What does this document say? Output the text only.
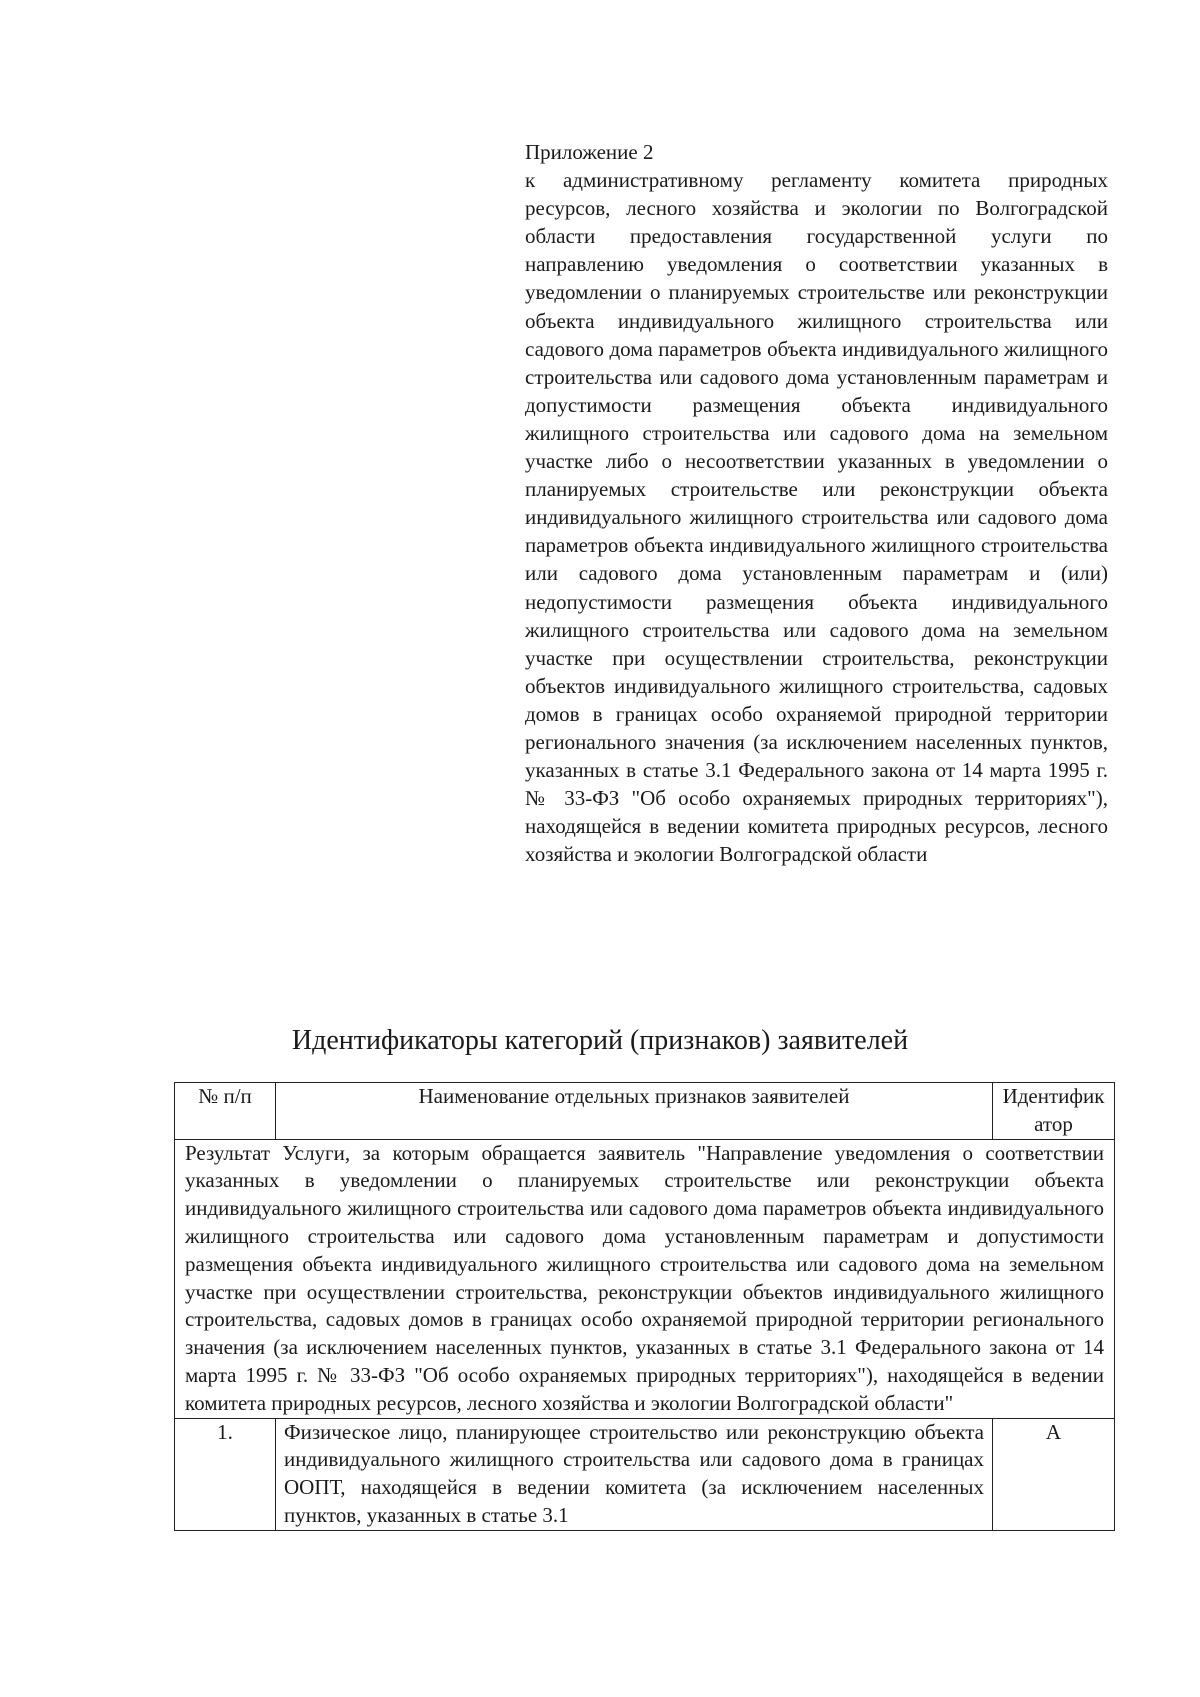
Приложение 2
к административному регламенту комитета природных ресурсов, лесного хозяйства и экологии по Волгоградской области предоставления государственной услуги по направлению уведомления о соответствии указанных в уведомлении о планируемых строительстве или реконструкции объекта индивидуального жилищного строительства или садового дома параметров объекта индивидуального жилищного строительства или садового дома установленным параметрам и допустимости размещения объекта индивидуального жилищного строительства или садового дома на земельном участке либо о несоответствии указанных в уведомлении о планируемых строительстве или реконструкции объекта индивидуального жилищного строительства или садового дома параметров объекта индивидуального жилищного строительства или садового дома установленным параметрам и (или) недопустимости размещения объекта индивидуального жилищного строительства или садового дома на земельном участке при осуществлении строительства, реконструкции объектов индивидуального жилищного строительства, садовых домов в границах особо охраняемой природной территории регионального значения (за исключением населенных пунктов, указанных в статье 3.1 Федерального закона от 14 марта 1995 г. № 33-ФЗ "Об особо охраняемых природных территориях"), находящейся в ведении комитета природных ресурсов, лесного хозяйства и экологии Волгоградской области
Идентификаторы категорий (признаков) заявителей
№ п/п	Наименование отдельных признаков заявителей	Идентификатор
Результат Услуги, за которым обращается заявитель "Направление уведомления о соответствии указанных в уведомлении о планируемых строительстве или реконструкции объекта индивидуального жилищного строительства или садового дома параметров объекта индивидуального жилищного строительства или садового дома установленным параметрам и допустимости размещения объекта индивидуального жилищного строительства или садового дома на земельном участке при осуществлении строительства, реконструкции объектов индивидуального жилищного строительства, садовых домов в границах особо охраняемой природной территории регионального значения (за исключением населенных пунктов, указанных в статье 3.1 Федерального закона от 14 марта 1995 г. № 33-ФЗ "Об особо охраняемых природных территориях"), находящейся в ведении комитета природных ресурсов, лесного хозяйства и экологии Волгоградской области"		
1.	Физическое лицо, планирующее строительство или реконструкцию объекта индивидуального жилищного строительства или садового дома в границах ООПТ, находящейся в ведении комитета (за исключением населенных пунктов, указанных в статье 3.1	А
